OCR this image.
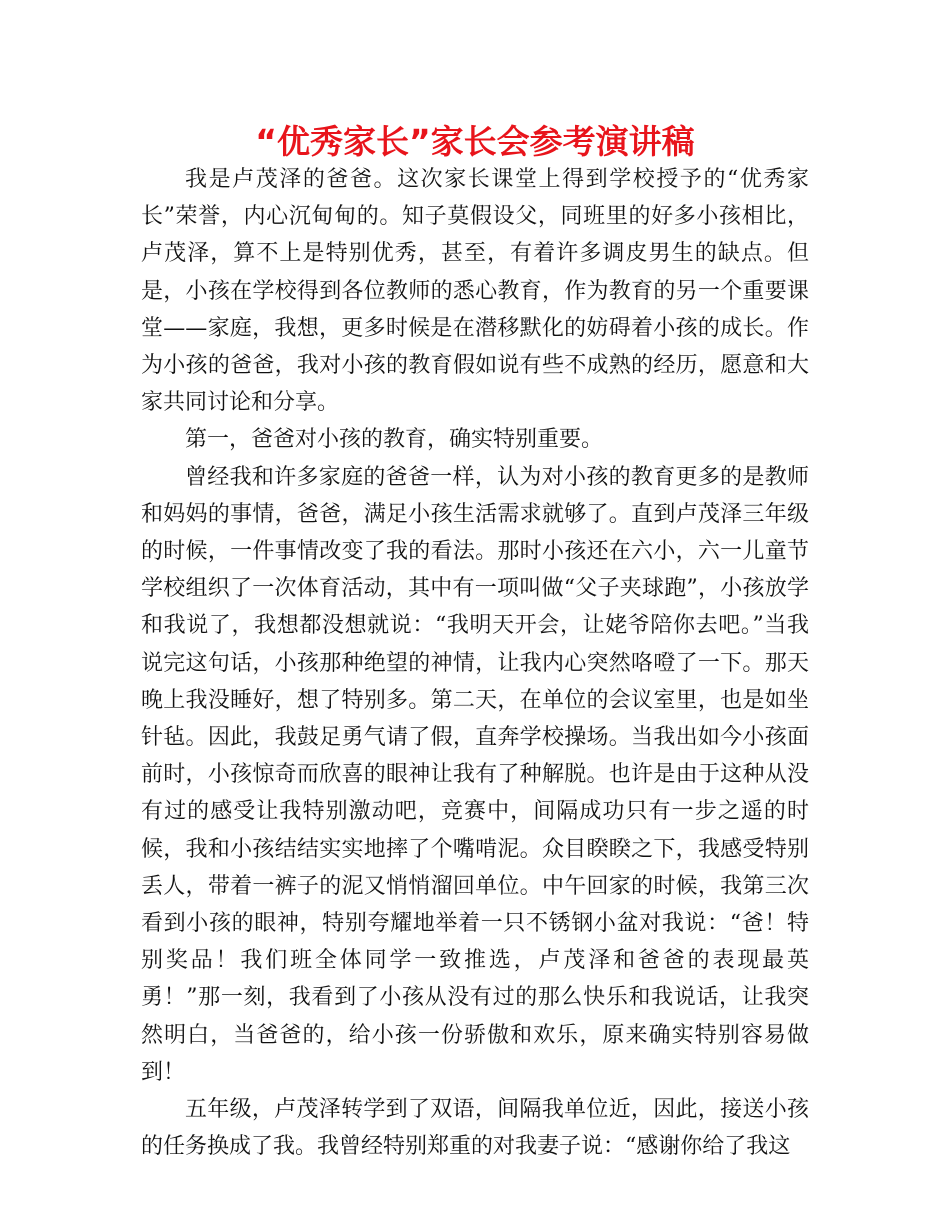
“优秀家长”家长会参考演讲稿

我是卢茂泽的爸爸。这次家长课堂上得到学校授予的“优秀家长”荣誉，内心沉甸甸的。知子莫假设父，同班里的好多小孩相比，卢茂泽，算不上是特别优秀，甚至，有着许多调皮男生的缺点。但是，小孩在学校得到各位教师的悉心教育，作为教育的另一个重要课堂——家庭，我想，更多时候是在潜移默化的妨碍着小孩的成长。作为小孩的爸爸，我对小孩的教育假如说有些不成熟的经历，愿意和大家共同讨论和分享。

第一，爸爸对小孩的教育，确实特别重要。

曾经我和许多家庭的爸爸一样，认为对小孩的教育更多的是教师和妈妈的事情，爸爸，满足小孩生活需求就够了。直到卢茂泽三年级的时候，一件事情改变了我的看法。那时小孩还在六小，六一儿童节学校组织了一次体育活动，其中有一项叫做“父子夹球跑”，小孩放学和我说了，我想都没想就说：“我明天开会，让姥爷陪你去吧。”当我说完这句话，小孩那种绝望的神情，让我内心突然咯噔了一下。那天晚上我没睡好，想了特别多。第二天，在单位的会议室里，也是如坐针毡。因此，我鼓足勇气请了假，直奔学校操场。当我出如今小孩面前时，小孩惊奇而欣喜的眼神让我有了种解脱。也许是由于这种从没有过的感受让我特别激动吧，竞赛中，间隔成功只有一步之遥的时候，我和小孩结结实实地摔了个嘴啃泥。众目睽睽之下，我感受特别丢人，带着一裤子的泥又悄悄溜回单位。中午回家的时候，我第三次看到小孩的眼神，特别夸耀地举着一只不锈钢小盆对我说：“爸！特别奖品！我们班全体同学一致推选，卢茂泽和爸爸的表现最英勇！”那一刻，我看到了小孩从没有过的那么快乐和我说话，让我突然明白，当爸爸的，给小孩一份骄傲和欢乐，原来确实特别容易做到！

五年级，卢茂泽转学到了双语，间隔我单位近，因此，接送小孩的任务换成了我。我曾经特别郑重的对我妻子说：“感谢你给了我这
